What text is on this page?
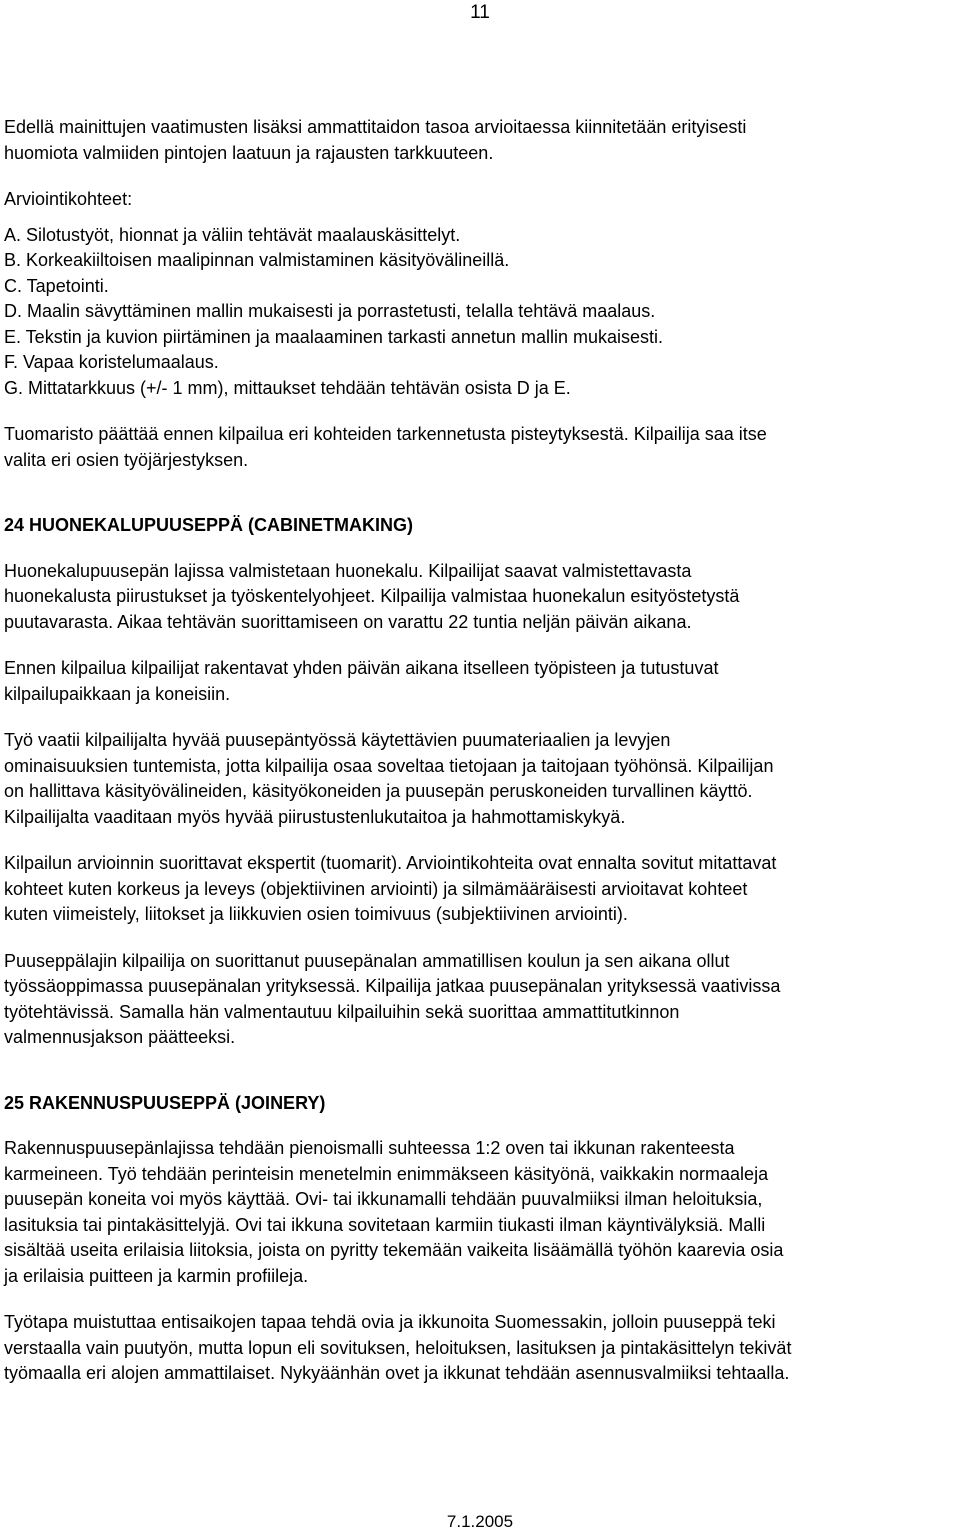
11

Edellä mainittujen vaatimusten lisäksi ammattitaidon tasoa arvioitaessa kiinnitetään erityisesti
huomiota valmiiden pintojen laatuun ja rajausten tarkkuuteen.

Arviointikohteet:

A. Silotustyöt, hionnat ja väliin tehtävät maalauskäsittelyt.
B. Korkeakiiltoisen maalipinnan valmistaminen käsityövälineillä.
C. Tapetointi.
D. Maalin sävyttäminen mallin mukaisesti ja porrastetusti, telalla tehtävä maalaus.
E. Tekstin ja kuvion piirtäminen ja maalaaminen tarkasti annetun mallin mukaisesti.
F. Vapaa koristelumaalaus.
G. Mittatarkkuus (+/- 1 mm), mittaukset tehdään tehtävän osista D ja E.

Tuomaristo päättää ennen kilpailua eri kohteiden tarkennetusta pisteytyksestä. Kilpailija saa itse
valita eri osien työjärjestyksen.

24 HUONEKALUPUUSEPPÄ (CABINETMAKING)

Huonekalupuusepän lajissa valmistetaan huonekalu. Kilpailijat saavat valmistettavasta
huonekalusta piirustukset ja työskentelyohjeet. Kilpailija valmistaa huonekalun esityöstetystä
puutavarasta. Aikaa tehtävän suorittamiseen on varattu 22 tuntia neljän päivän aikana.

Ennen kilpailua kilpailijat rakentavat yhden päivän aikana itselleen työpisteen ja tutustuvat
kilpailupaikkaan ja koneisiin.

Työ vaatii kilpailijalta hyvää puusepäntyössä käytettävien puumateriaalien ja levyjen
ominaisuuksien tuntemista, jotta kilpailija osaa soveltaa tietojaan ja taitojaan työhönsä. Kilpailijan
on hallittava käsityövälineiden, käsityökoneiden ja puusepän peruskoneiden turvallinen käyttö.
Kilpailijalta vaaditaan myös hyvää piirustustenlukutaitoa ja hahmottamiskykyä.

Kilpailun arvioinnin suorittavat ekspertit (tuomarit). Arviointikohteita ovat ennalta sovitut mitattavat
kohteet kuten korkeus ja leveys (objektiivinen arviointi) ja silmämääräisesti arvioitavat kohteet
kuten viimeistely, liitokset ja liikkuvien osien toimivuus (subjektiivinen arviointi).

Puuseppälajin kilpailija on suorittanut puusepänalan ammatillisen koulun ja sen aikana ollut
työssäoppimassa puusepänalan yrityksessä. Kilpailija jatkaa puusepänalan yrityksessä vaativissa
työtehtävissä. Samalla hän valmentautuu kilpailuihin sekä suorittaa ammattitutkinnon
valmennusjakson päätteeksi.

25 RAKENNUSPUUSEPPÄ (JOINERY)

Rakennuspuusepänlajissa tehdään pienoismalli suhteessa 1:2 oven tai ikkunan rakenteesta
karmeineen. Työ tehdään perinteisin menetelmin enimmäkseen käsityönä, vaikkakin normaaleja
puusepän koneita voi myös käyttää. Ovi- tai ikkunamalli tehdään puuvalmiiksi ilman heloituksia,
lasituksia tai pintakäsittelyjä. Ovi tai ikkuna sovitetaan karmiin tiukasti ilman käyntivälyksiä. Malli
sisältää useita erilaisia liitoksia, joista on pyritty tekemään vaikeita lisäämällä työhön kaarevia osia
ja erilaisia puitteen ja karmin profiileja.

Työtapa muistuttaa entisaikojen tapaa tehdä ovia ja ikkunoita Suomessakin, jolloin puuseppä teki
verstaalla vain puutyön, mutta lopun eli sovituksen, heloituksen, lasituksen ja pintakäsittelyn tekivät
työmaalla eri alojen ammattilaiset. Nykyäänhän ovet ja ikkunat tehdään asennusvalmiiksi tehtaalla.

7.1.2005
